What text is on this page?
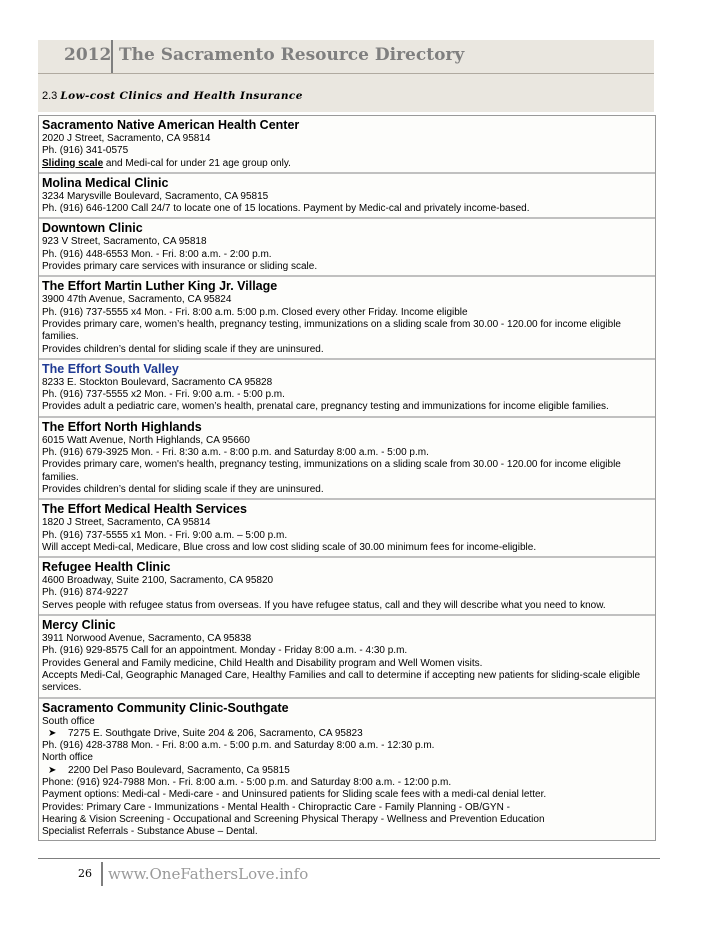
2012 The Sacramento Resource Directory
2.3 Low-cost Clinics and Health Insurance
Sacramento Native American Health Center
2020 J Street, Sacramento, CA 95814
Ph. (916) 341-0575
Sliding scale and Medi-cal for under 21 age group only.
Molina Medical Clinic
3234 Marysville Boulevard, Sacramento, CA 95815
Ph. (916) 646-1200 Call 24/7 to locate one of 15 locations. Payment by Medic-cal and privately income-based.
Downtown Clinic
923 V Street, Sacramento, CA 95818
Ph. (916) 448-6553 Mon. - Fri. 8:00 a.m. - 2:00 p.m.
Provides primary care services with insurance or sliding scale.
The Effort Martin Luther King Jr. Village
3900 47th Avenue, Sacramento, CA 95824
Ph. (916) 737-5555 x4 Mon. - Fri. 8:00 a.m. 5:00 p.m. Closed every other Friday. Income eligible
Provides primary care, women’s health, pregnancy testing, immunizations on a sliding scale from 30.00 - 120.00 for income eligible families.
Provides children’s dental for sliding scale if they are uninsured.
The Effort South Valley
8233 E. Stockton Boulevard, Sacramento CA 95828
Ph. (916) 737-5555 x2 Mon. - Fri. 9:00 a.m. - 5:00 p.m.
Provides adult a pediatric care, women’s health, prenatal care, pregnancy testing and immunizations for income eligible families.
The Effort North Highlands
6015 Watt Avenue, North Highlands, CA 95660
Ph. (916) 679-3925 Mon. - Fri. 8:30 a.m. - 8:00 p.m. and Saturday 8:00 a.m. - 5:00 p.m.
Provides primary care, women's health, pregnancy testing, immunizations on a sliding scale from 30.00 - 120.00 for income eligible families.
Provides children’s dental for sliding scale if they are uninsured.
The Effort Medical Health Services
1820 J Street, Sacramento, CA 95814
Ph. (916) 737-5555 x1 Mon. - Fri. 9:00 a.m. – 5:00 p.m.
Will accept Medi-cal, Medicare, Blue cross and low cost sliding scale of 30.00 minimum fees for income-eligible.
Refugee Health Clinic
4600 Broadway, Suite 2100, Sacramento, CA 95820
Ph. (916) 874-9227
Serves people with refugee status from overseas. If you have refugee status, call and they will describe what you need to know.
Mercy Clinic
3911 Norwood Avenue, Sacramento, CA 95838
Ph. (916) 929-8575 Call for an appointment. Monday - Friday 8:00 a.m. - 4:30 p.m.
Provides General and Family medicine, Child Health and Disability program and Well Women visits.
Accepts Medi-Cal, Geographic Managed Care, Healthy Families and call to determine if accepting new patients for sliding-scale eligible services.
Sacramento Community Clinic-Southgate
South office
➤ 7275 E. Southgate Drive, Suite 204 & 206, Sacramento, CA 95823
Ph. (916) 428-3788 Mon. - Fri. 8:00 a.m. - 5:00 p.m. and Saturday 8:00 a.m. - 12:30 p.m.
North office
➤ 2200 Del Paso Boulevard, Sacramento, Ca 95815
Phone: (916) 924-7988 Mon. - Fri. 8:00 a.m. - 5:00 p.m. and Saturday 8:00 a.m. - 12:00 p.m.
Payment options: Medi-cal - Medi-care - and Uninsured patients for Sliding scale fees with a medi-cal denial letter.
Provides: Primary Care - Immunizations - Mental Health - Chiropractic Care - Family Planning - OB/GYN -
Hearing & Vision Screening - Occupational and Screening Physical Therapy - Wellness and Prevention Education
Specialist Referrals - Substance Abuse – Dental.
26 www.OneFathersLove.info
